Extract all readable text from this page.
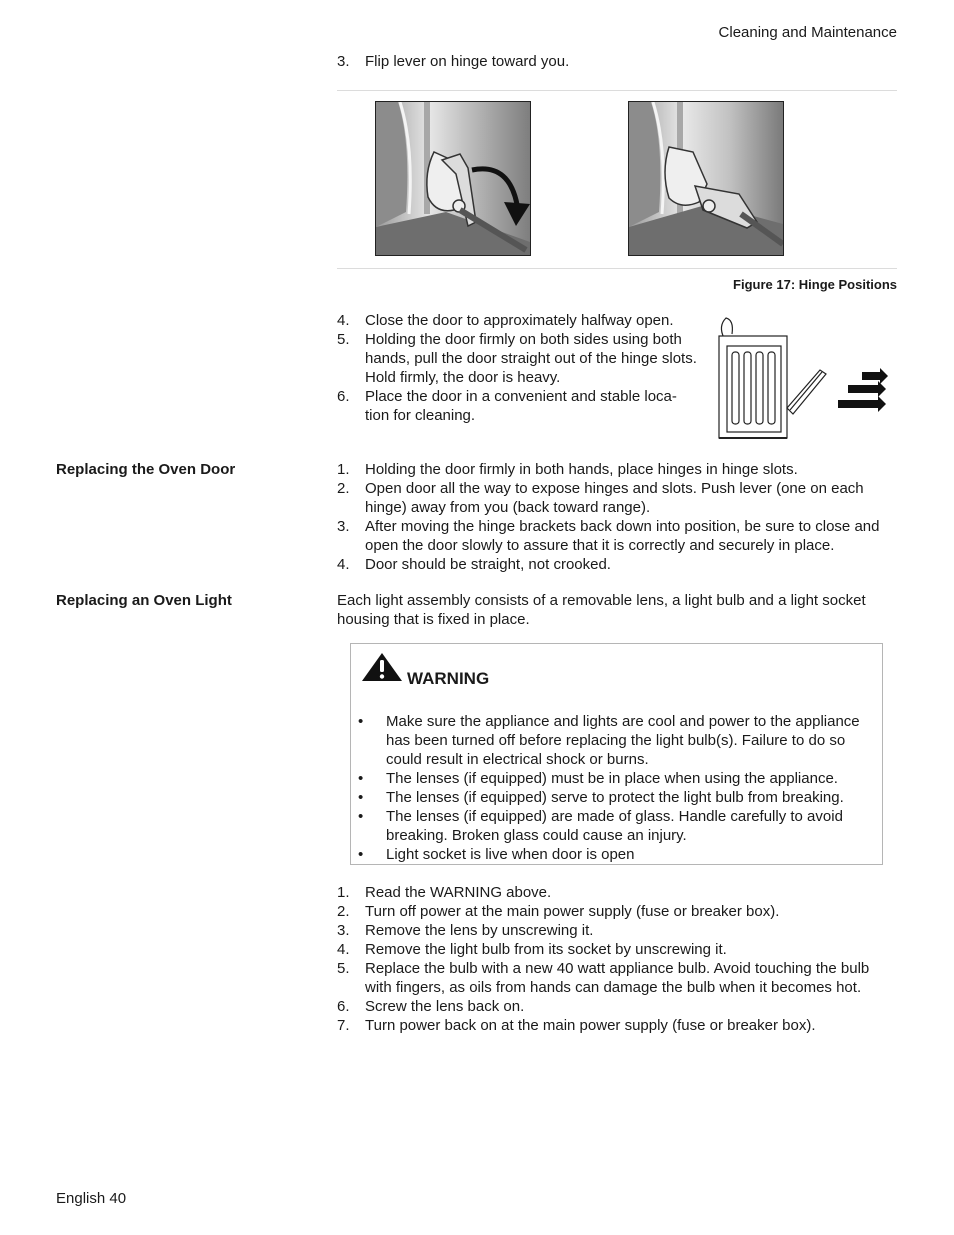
Cleaning and Maintenance
3. Flip lever on hinge toward you.
Figure 17: Hinge Positions
4. Close the door to approximately halfway open.
5. Holding the door firmly on both sides using both hands, pull the door straight out of the hinge slots. Hold firmly, the door is heavy.
6. Place the door in a convenient and stable loca-tion for cleaning.
Replacing the Oven Door	1. Holding the door firmly in both hands, place hinges in hinge slots.
2. Open door all the way to expose hinges and slots. Push lever (one on each hinge) away from you (back toward range).
3. After moving the hinge brackets back down into position, be sure to close and open the door slowly to assure that it is correctly and securely in place.
4. Door should be straight, not crooked.
Replacing an Oven Light	Each light assembly consists of a removable lens, a light bulb and a light socket housing that is fixed in place.
WARNING
• Make sure the appliance and lights are cool and power to the appliance has been turned off before replacing the light bulb(s). Failure to do so could result in electrical shock or burns.
• The lenses (if equipped) must be in place when using the appliance.
• The lenses (if equipped) serve to protect the light bulb from breaking.
• The lenses (if equipped) are made of glass. Handle carefully to avoid breaking. Broken glass could cause an injury.
• Light socket is live when door is open
1. Read the WARNING above.
2. Turn off power at the main power supply (fuse or breaker box).
3. Remove the lens by unscrewing it.
4. Remove the light bulb from its socket by unscrewing it.
5. Replace the bulb with a new 40 watt appliance bulb. Avoid touching the bulb with fingers, as oils from hands can damage the bulb when it becomes hot.
6. Screw the lens back on.
7. Turn power back on at the main power supply (fuse or breaker box).
English 40
